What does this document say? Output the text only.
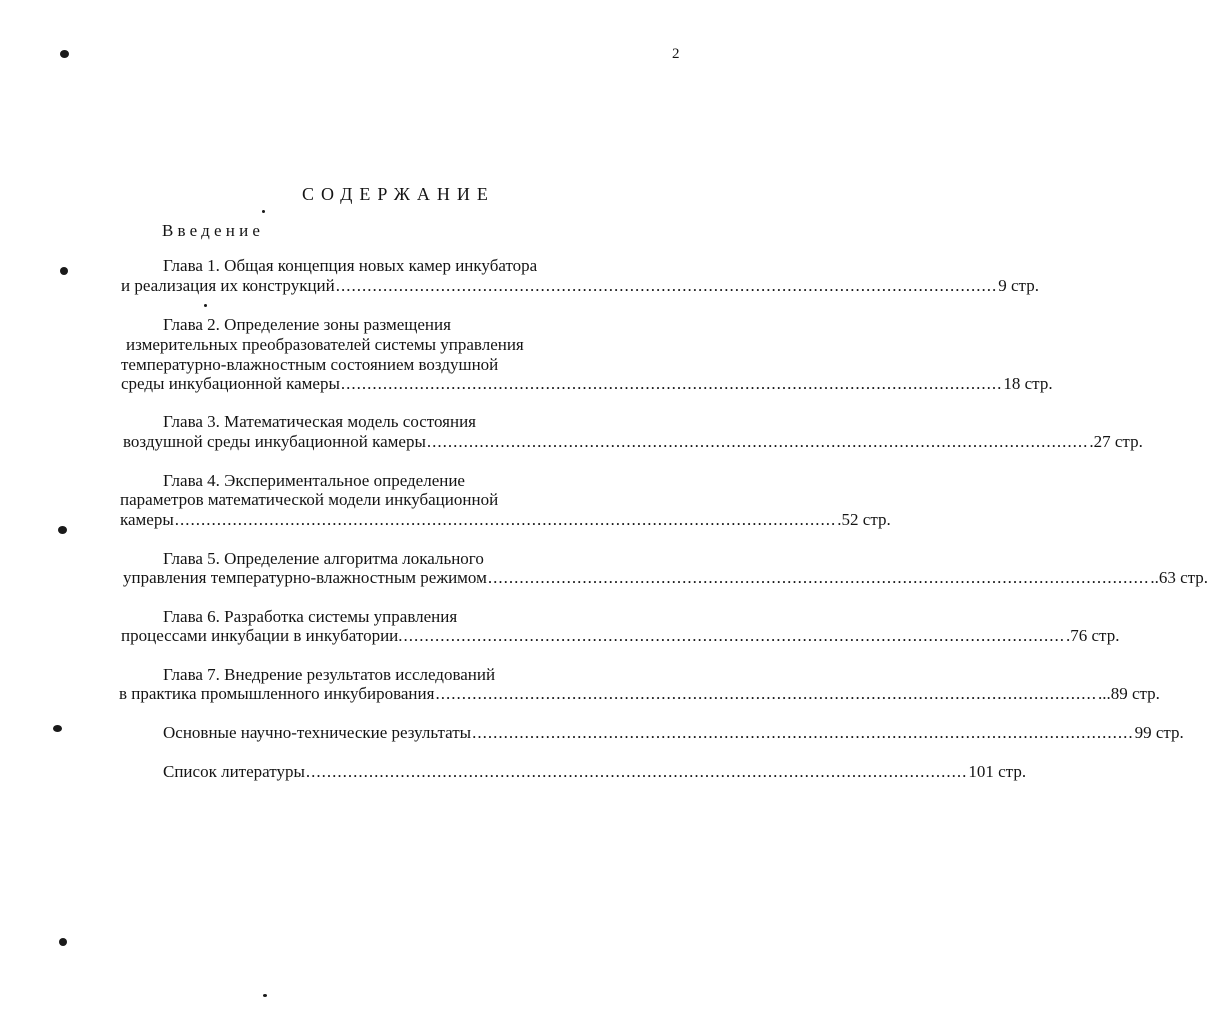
2
СОДЕРЖАНИЕ
Введение
Глава 1. Общая концепция новых камер инкубатора
и реализация их конструкций .............................................................................................................................. 9 стр.
Глава 2. Определение зоны размещения
измерительных преобразователей системы управления
температурно-влажностным состоянием воздушной
среды инкубационной камеры .............................................................................................................................. 18 стр.
Глава 3. Математическая модель состояния
воздушной среды инкубационной камеры .............................................................................................................................. .27 стр.
Глава 4. Экспериментальное определение
параметров математической модели инкубационной
камеры .............................................................................................................................. .52 стр.
Глава 5. Определение алгоритма локального
управления температурно-влажностным режимом .............................................................................................................................. ..63 стр.
Глава 6. Разработка системы управления
процессами инкубации в инкубатории. .............................................................................................................................. .76 стр.
Глава 7. Внедрение результатов исследований
в практика промышленного инкубирования .............................................................................................................................. ...89 стр.
Основные научно-технические результаты .............................................................................................................................. 99 стр.
Список литературы .............................................................................................................................. 101 стр.
